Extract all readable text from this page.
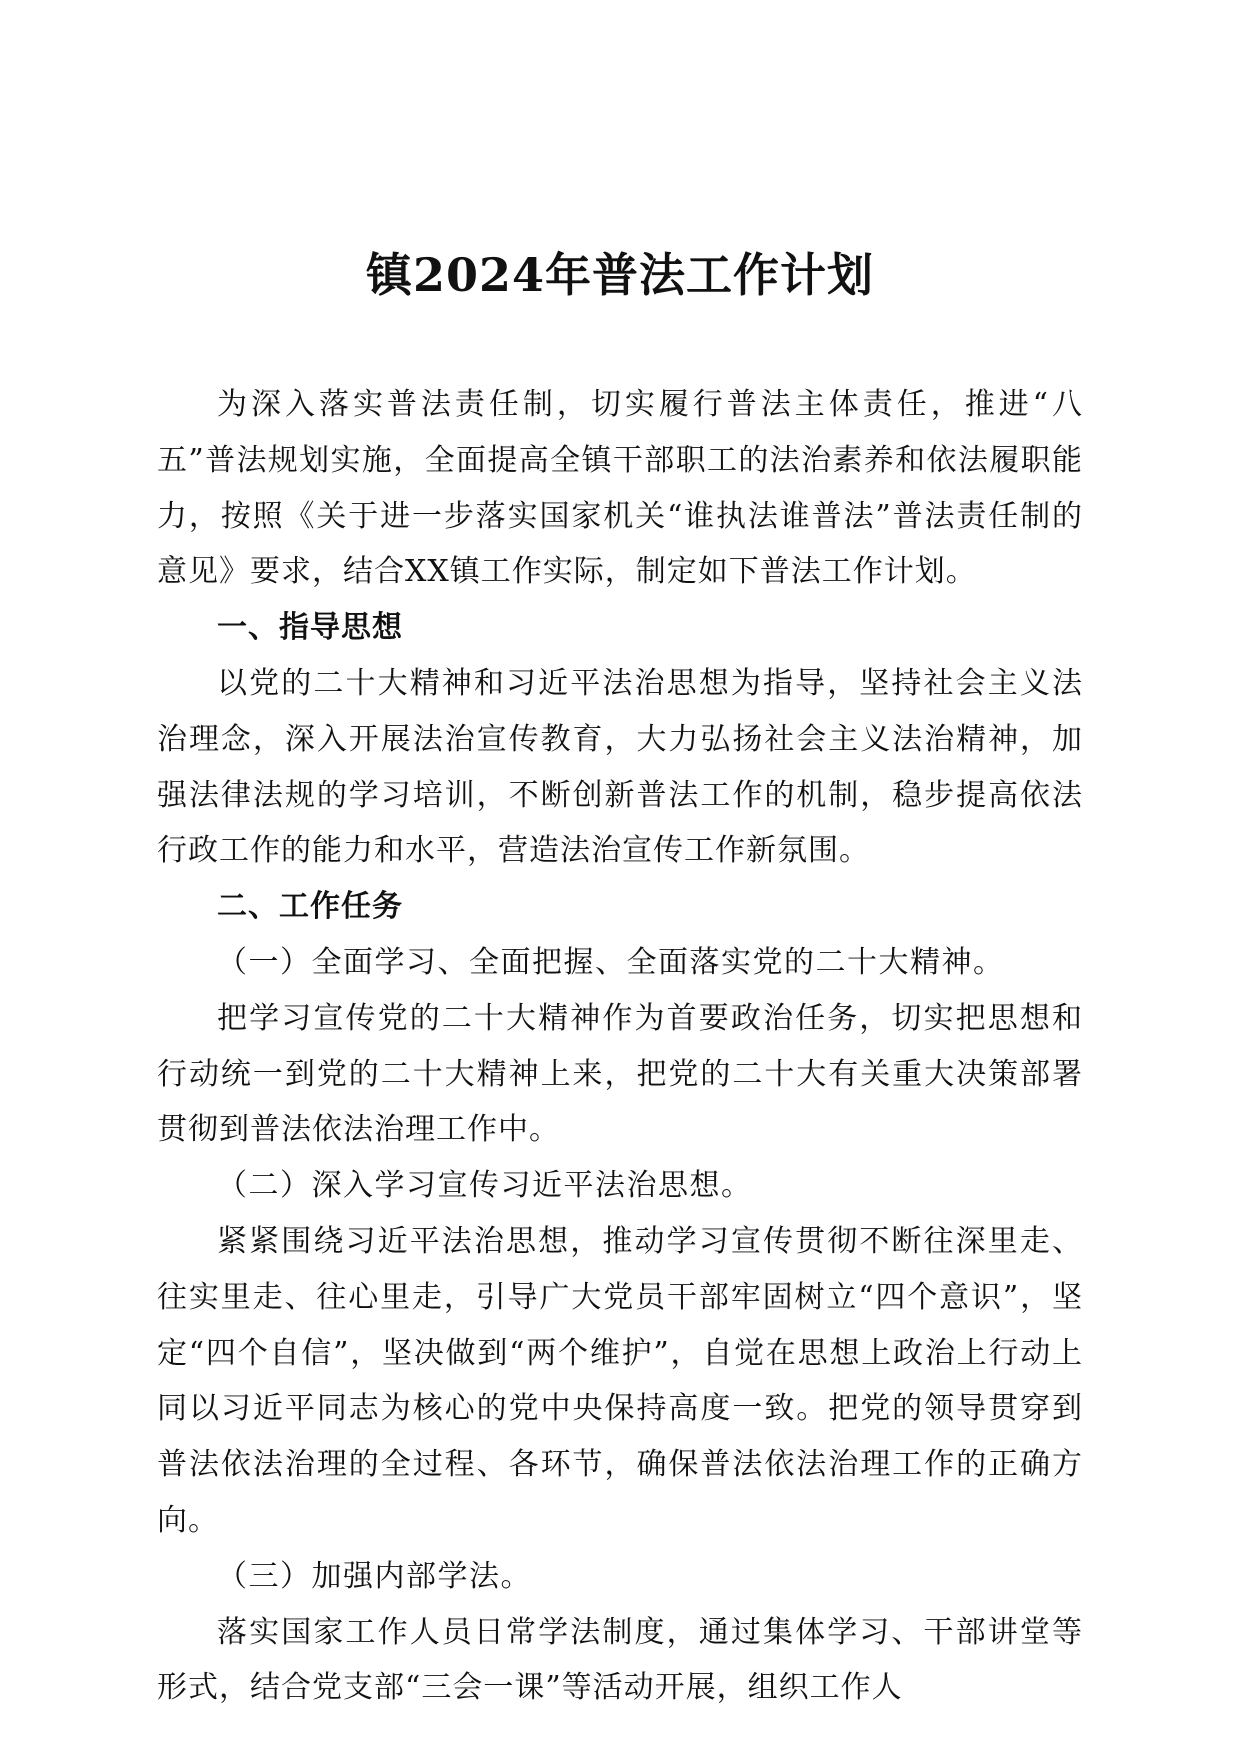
镇2024年普法工作计划

为深入落实普法责任制，切实履行普法主体责任，推进“八五”普法规划实施，全面提高全镇干部职工的法治素养和依法履职能力，按照《关于进一步落实国家机关“谁执法谁普法”普法责任制的意见》要求，结合XX镇工作实际，制定如下普法工作计划。

一、指导思想

以党的二十大精神和习近平法治思想为指导，坚持社会主义法治理念，深入开展法治宣传教育，大力弘扬社会主义法治精神，加强法律法规的学习培训，不断创新普法工作的机制，稳步提高依法行政工作的能力和水平，营造法治宣传工作新氛围。

二、工作任务

（一）全面学习、全面把握、全面落实党的二十大精神。

把学习宣传党的二十大精神作为首要政治任务，切实把思想和行动统一到党的二十大精神上来，把党的二十大有关重大决策部署贯彻到普法依法治理工作中。

（二）深入学习宣传习近平法治思想。

紧紧围绕习近平法治思想，推动学习宣传贯彻不断往深里走、往实里走、往心里走，引导广大党员干部牢固树立“四个意识”，坚定“四个自信”，坚决做到“两个维护”，自觉在思想上政治上行动上同以习近平同志为核心的党中央保持高度一致。把党的领导贯穿到普法依法治理的全过程、各环节，确保普法依法治理工作的正确方向。

（三）加强内部学法。

落实国家工作人员日常学法制度，通过集体学习、干部讲堂等形式，结合党支部“三会一课”等活动开展，组织工作人
